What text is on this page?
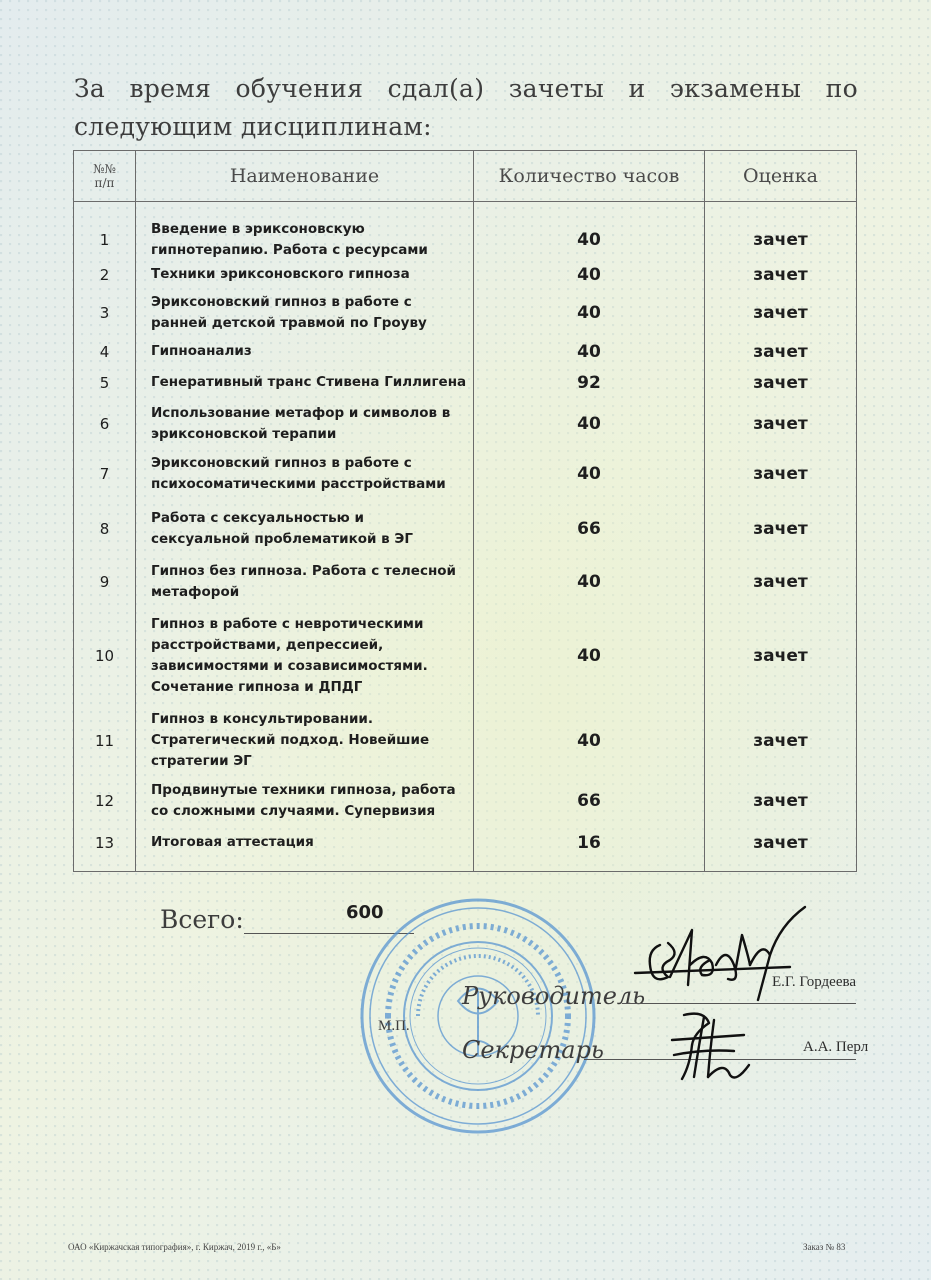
За время обучения сдал(а) зачеты и экзамены по следующим дисциплинам:

№№
п/п	Наименование	Количество часов	Оценка

1	Введение в эриксоновскую гипнотерапию. Работа с ресурсами	40	зачет
2	Техники эриксоновского гипноза	40	зачет
3	Эриксоновский гипноз в работе с ранней детской травмой по Гроуву	40	зачет
4	Гипноанализ	40	зачет
5	Генеративный транс Стивена Гиллигена	92	зачет
6	Использование метафор и символов в эриксоновской терапии	40	зачет
7	Эриксоновский гипноз в работе с психосоматическими расстройствами	40	зачет
8	Работа с сексуальностью и сексуальной проблематикой в ЭГ	66	зачет
9	Гипноз без гипноза. Работа с телесной метафорой	40	зачет
10	Гипноз в работе с невротическими расстройствами, депрессией, зависимостями и созависимостями. Сочетание гипноза и ДПДГ	40	зачет
11	Гипноз в консультировании. Стратегический подход. Новейшие стратегии ЭГ	40	зачет
12	Продвинутые техники гипноза, работа со сложными случаями. Супервизия	66	зачет
13	Итоговая аттестация	16	зачет

Всего:	600
Руководитель	Е.Г. Гордеева
М.П.
Секретарь	А.А. Перл
ОАО «Киржачская типография», г. Киржач, 2019 г., «Б»	Заказ № 83
